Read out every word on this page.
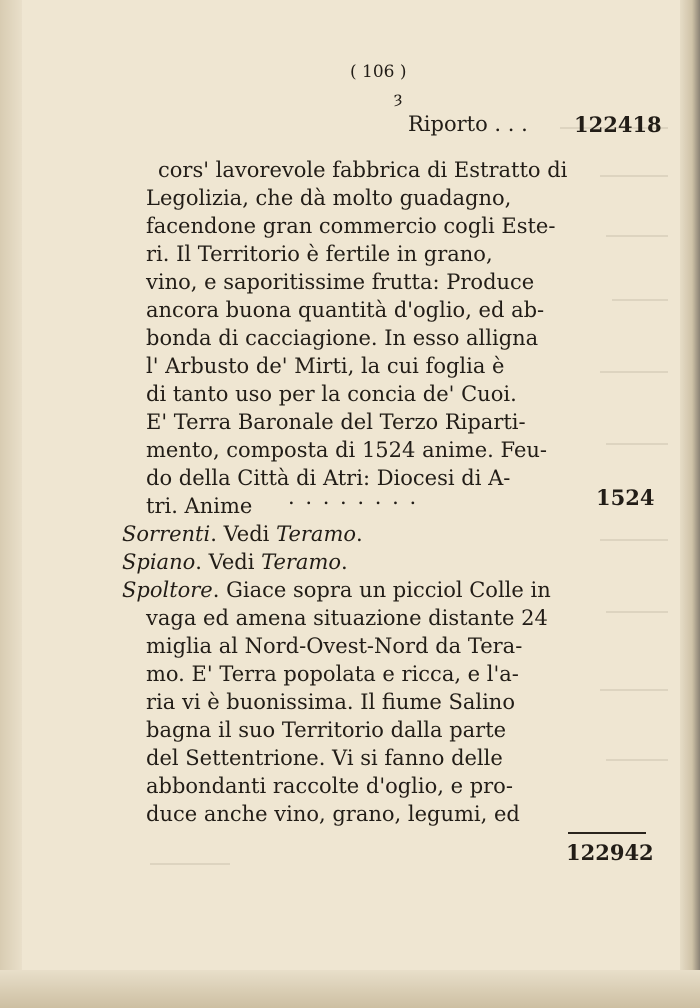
( 106 )
ȝ
Riporto . . . 122418
cors' lavorevole fabbrica di Estratto di
Legolizia, che dà molto guadagno,
facendone gran commercio cogli Este-
ri. Il Territorio è fertile in grano,
vino, e saporitissime frutta: Produce
ancora buona quantità d'oglio, ed ab-
bonda di cacciagione. In esso alligna
l' Arbusto de' Mirti, la cui foglia è
di tanto uso per la concia de' Cuoi.
E' Terra Baronale del Terzo Riparti-
mento, composta di 1524 anime. Feu-
do della Città di Atri: Diocesi di A-
tri. Anime . . . . . . . .	1524
Sorrenti. Vedi Teramo.
Spiano. Vedi Teramo.
Spoltore. Giace sopra un picciol Colle in
vaga ed amena situazione distante 24
miglia al Nord-Ovest-Nord da Tera-
mo. E' Terra popolata e ricca, e l'a-
ria vi è buonissima. Il fiume Salino
bagna il suo Territorio dalla parte
del Settentrione. Vi si fanno delle
abbondanti raccolte d'oglio, e pro-
duce anche vino, grano, legumi, ed
122942
